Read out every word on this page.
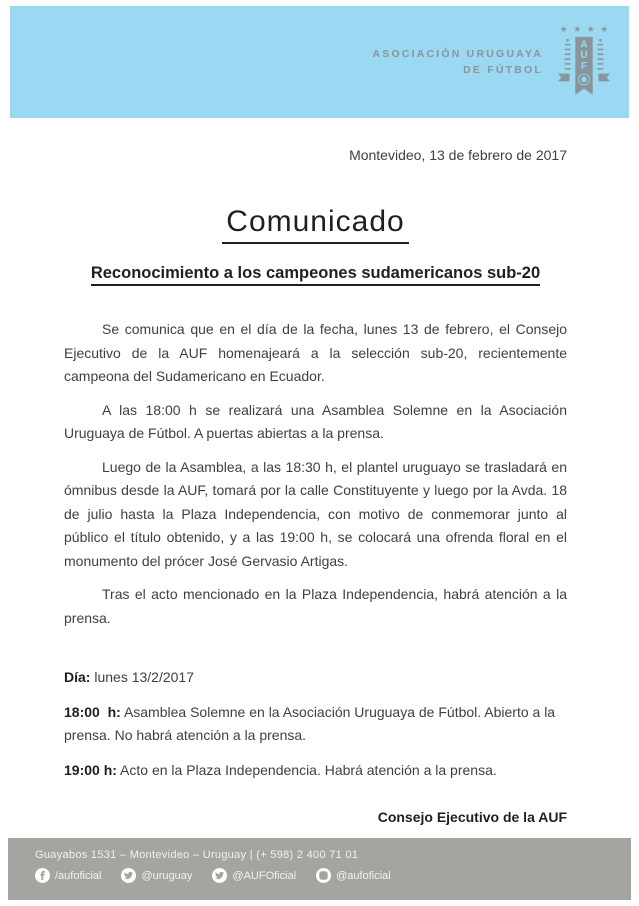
ASOCIACIÓN URUGUAYA
DE FÚTBOL
★ ★ ★ ★
A
U
F
Montevideo, 13 de febrero de 2017
Comunicado
Reconocimiento a los campeones sudamericanos sub-20

Se comunica que en el día de la fecha, lunes 13 de febrero, el Consejo Ejecutivo de la AUF homenajeará a la selección sub-20, recientemente campeona del Sudamericano en Ecuador.

A las 18:00 h se realizará una Asamblea Solemne en la Asociación Uruguaya de Fútbol. A puertas abiertas a la prensa.

Luego de la Asamblea, a las 18:30 h, el plantel uruguayo se trasladará en ómnibus desde la AUF, tomará por la calle Constituyente y luego por la Avda. 18 de julio hasta la Plaza Independencia, con motivo de conmemorar junto al público el título obtenido, y a las 19:00 h, se colocará una ofrenda floral en el monumento del prócer José Gervasio Artigas.

Tras el acto mencionado en la Plaza Independencia, habrá atención a la prensa.

Día: lunes 13/2/2017

18:00  h: Asamblea Solemne en la Asociación Uruguaya de Fútbol. Abierto a la prensa. No habrá atención a la prensa.

19:00 h: Acto en la Plaza Independencia. Habrá atención a la prensa.

Consejo Ejecutivo de la AUF
Guayabos 1531 – Montevideo – Uruguay | (+ 598) 2 400 71 01
/aufoficial	@uruguay	@AUFOficial	@aufoficial
